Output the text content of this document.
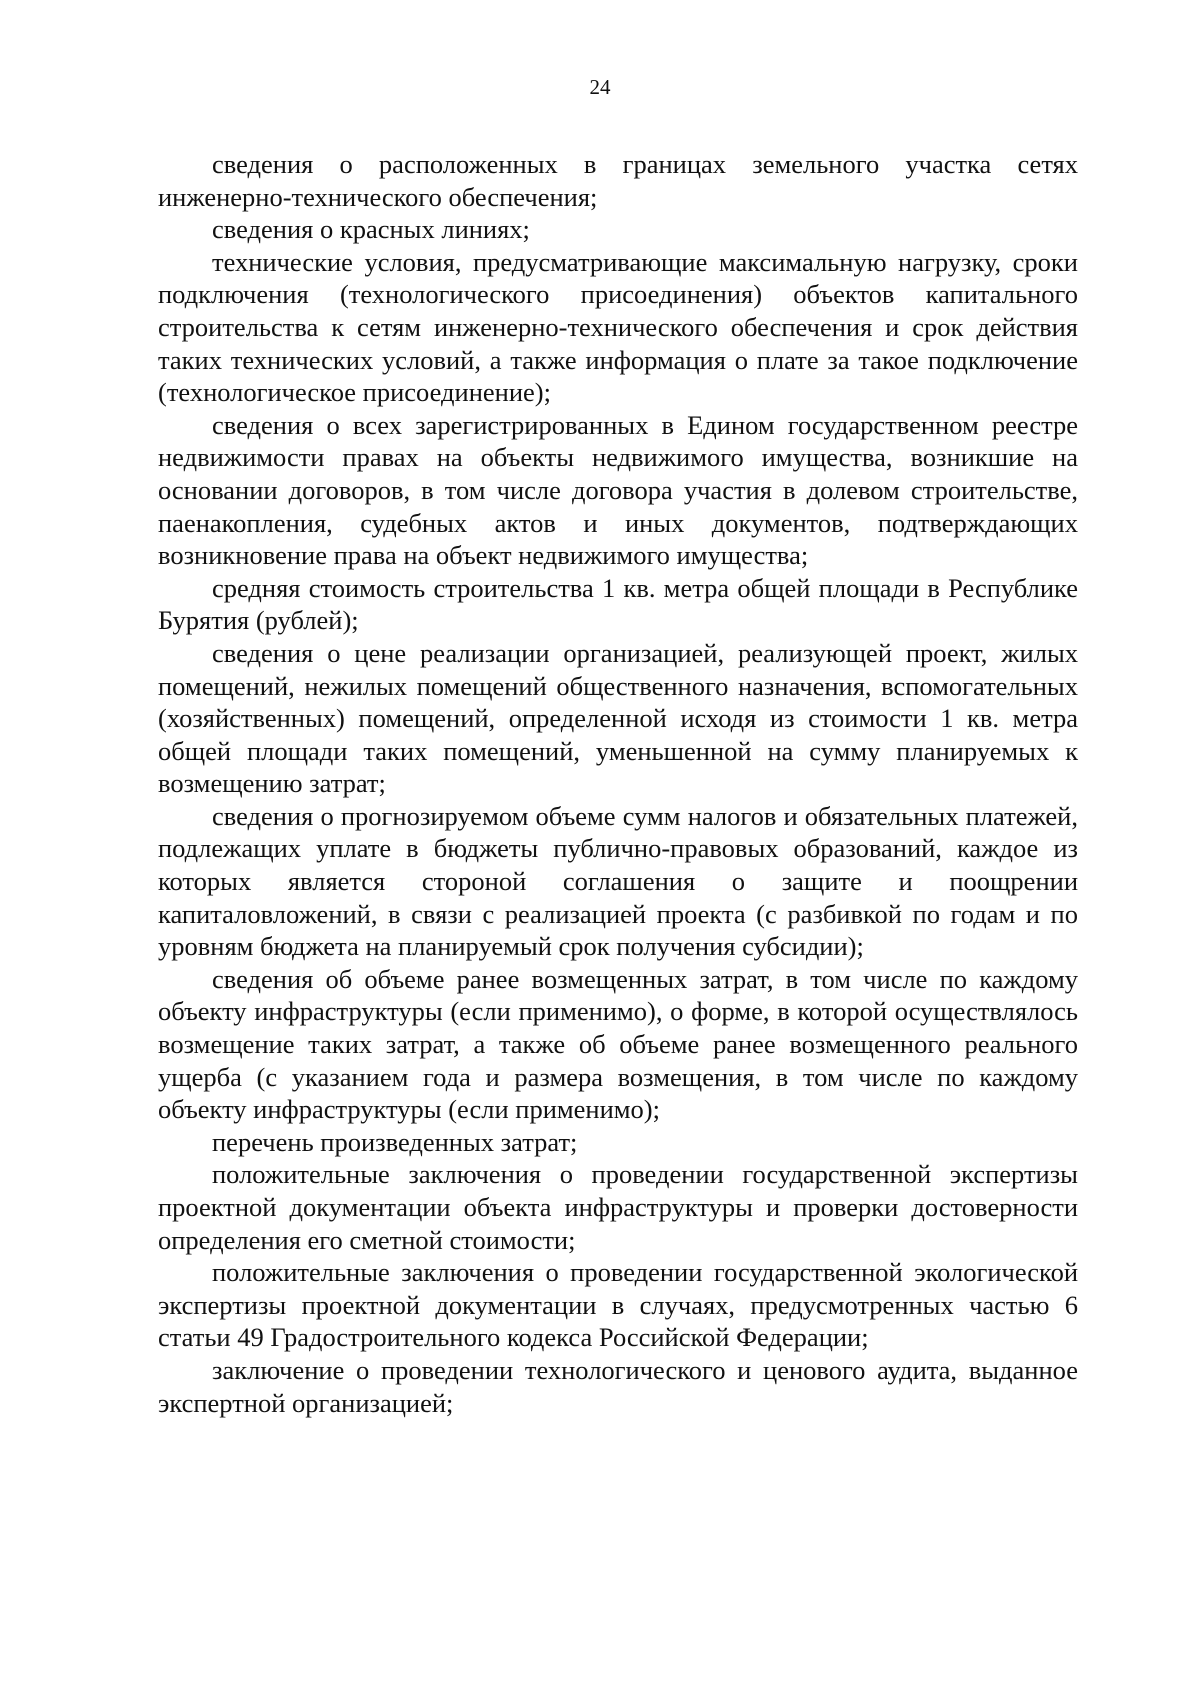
24

сведения о расположенных в границах земельного участка сетях инженерно-технического обеспечения;

сведения о красных линиях;

технические условия, предусматривающие максимальную нагрузку, сроки подключения (технологического присоединения) объектов капитального строительства к сетям инженерно-технического обеспечения и срок действия таких технических условий, а также информация о плате за такое подключение (технологическое присоединение);

сведения о всех зарегистрированных в Едином государственном реестре недвижимости правах на объекты недвижимого имущества, возникшие на основании договоров, в том числе договора участия в долевом строительстве, паенакопления, судебных актов и иных документов, подтверждающих возникновение права на объект недвижимого имущества;

средняя стоимость строительства 1 кв. метра общей площади в Республике Бурятия (рублей);

сведения о цене реализации организацией, реализующей проект, жилых помещений, нежилых помещений общественного назначения, вспомогательных (хозяйственных) помещений, определенной исходя из стоимости 1 кв. метра общей площади таких помещений, уменьшенной на сумму планируемых к возмещению затрат;

сведения о прогнозируемом объеме сумм налогов и обязательных платежей, подлежащих уплате в бюджеты публично-правовых образований, каждое из которых является стороной соглашения о защите и поощрении капиталовложений, в связи с реализацией проекта (с разбивкой по годам и по уровням бюджета на планируемый срок получения субсидии);

сведения об объеме ранее возмещенных затрат, в том числе по каждому объекту инфраструктуры (если применимо), о форме, в которой осуществлялось возмещение таких затрат, а также об объеме ранее возмещенного реального ущерба (с указанием года и размера возмещения, в том числе по каждому объекту инфраструктуры (если применимо);

перечень произведенных затрат;

положительные заключения о проведении государственной экспертизы проектной документации объекта инфраструктуры и проверки достоверности определения его сметной стоимости;

положительные заключения о проведении государственной экологической экспертизы проектной документации в случаях, предусмотренных частью 6 статьи 49 Градостроительного кодекса Российской Федерации;

заключение о проведении технологического и ценового аудита, выданное экспертной организацией;
